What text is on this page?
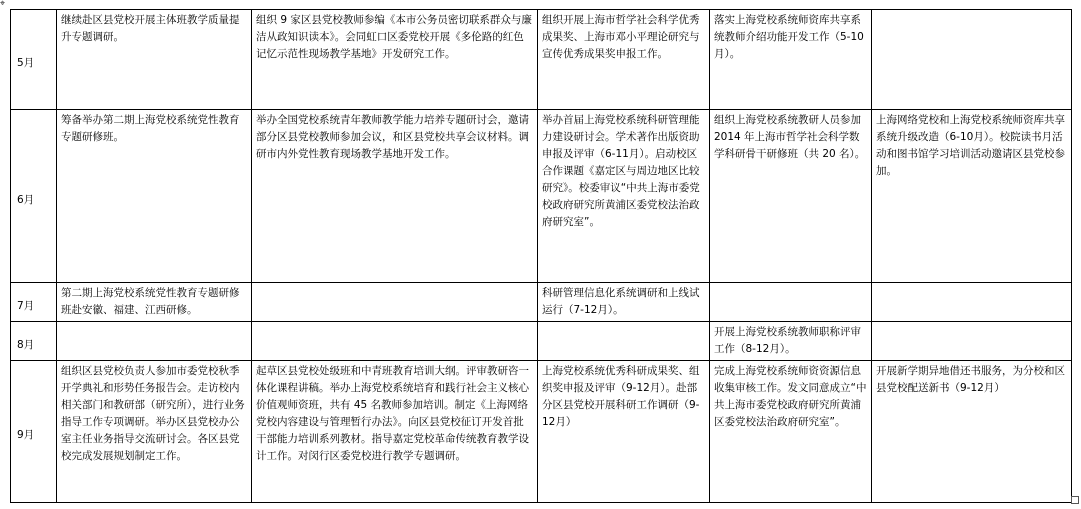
⌖
5月	继续赴区县党校开展主体班教学质量提升专题调研。	组织 9 家区县党校教师参编《本市公务员密切联系群众与廉洁从政知识读本》。会同虹口区委党校开展《多伦路的红色记忆示范性现场教学基地》开发研究工作。	组织开展上海市哲学社会科学优秀成果奖、上海市邓小平理论研究与宣传优秀成果奖申报工作。	落实上海党校系统师资库共享系统教师介绍功能开发工作（5-10月）。	
6月	筹备举办第二期上海党校系统党性教育专题研修班。	举办全国党校系统青年教师教学能力培养专题研讨会，邀请部分区县党校教师参加会议，和区县党校共享会议材料。调研市内外党性教育现场教学基地开发工作。	举办首届上海党校系统科研管理能力建设研讨会。学术著作出版资助申报及评审（6-11月）。启动校区合作课题《嘉定区与周边地区比较研究》。校委审议“中共上海市委党校政府研究所黄浦区委党校法治政府研究室”。	组织上海党校系统教研人员参加 2014 年上海市哲学社会科学数学科研骨干研修班（共 20 名）。	上海网络党校和上海党校系统师资库共享系统升级改造（6-10月）。校院读书月活动和图书馆学习培训活动邀请区县党校参加。
7月	第二期上海党校系统党性教育专题研修班赴安徽、福建、江西研修。		科研管理信息化系统调研和上线试运行（7-12月）。		
8月				开展上海党校系统教师职称评审工作（8-12月）。	
9月	组织区县党校负责人参加市委党校秋季开学典礼和形势任务报告会。走访校内相关部门和教研部（研究所），进行业务指导工作专项调研。举办区县党校办公室主任业务指导交流研讨会。各区县党校完成发展规划制定工作。	起草区县党校处级班和中青班教育培训大纲。评审教研咨一体化课程讲稿。举办上海党校系统培育和践行社会主义核心价值观师资班，共有 45 名教师参加培训。制定《上海网络党校内容建设与管理暂行办法》。向区县党校征订开发首批干部能力培训系列教材。指导嘉定党校革命传统教育教学设计工作。对闵行区委党校进行教学专题调研。	上海党校系统优秀科研成果奖、组织奖申报及评审（9-12月）。赴部分区县党校开展科研工作调研（9-12月）	完成上海党校系统师资资源信息收集审核工作。发文同意成立“中共上海市委党校政府研究所黄浦区委党校法治政府研究室”。	开展新学期异地借还书服务，为分校和区县党校配送新书（9-12月）
